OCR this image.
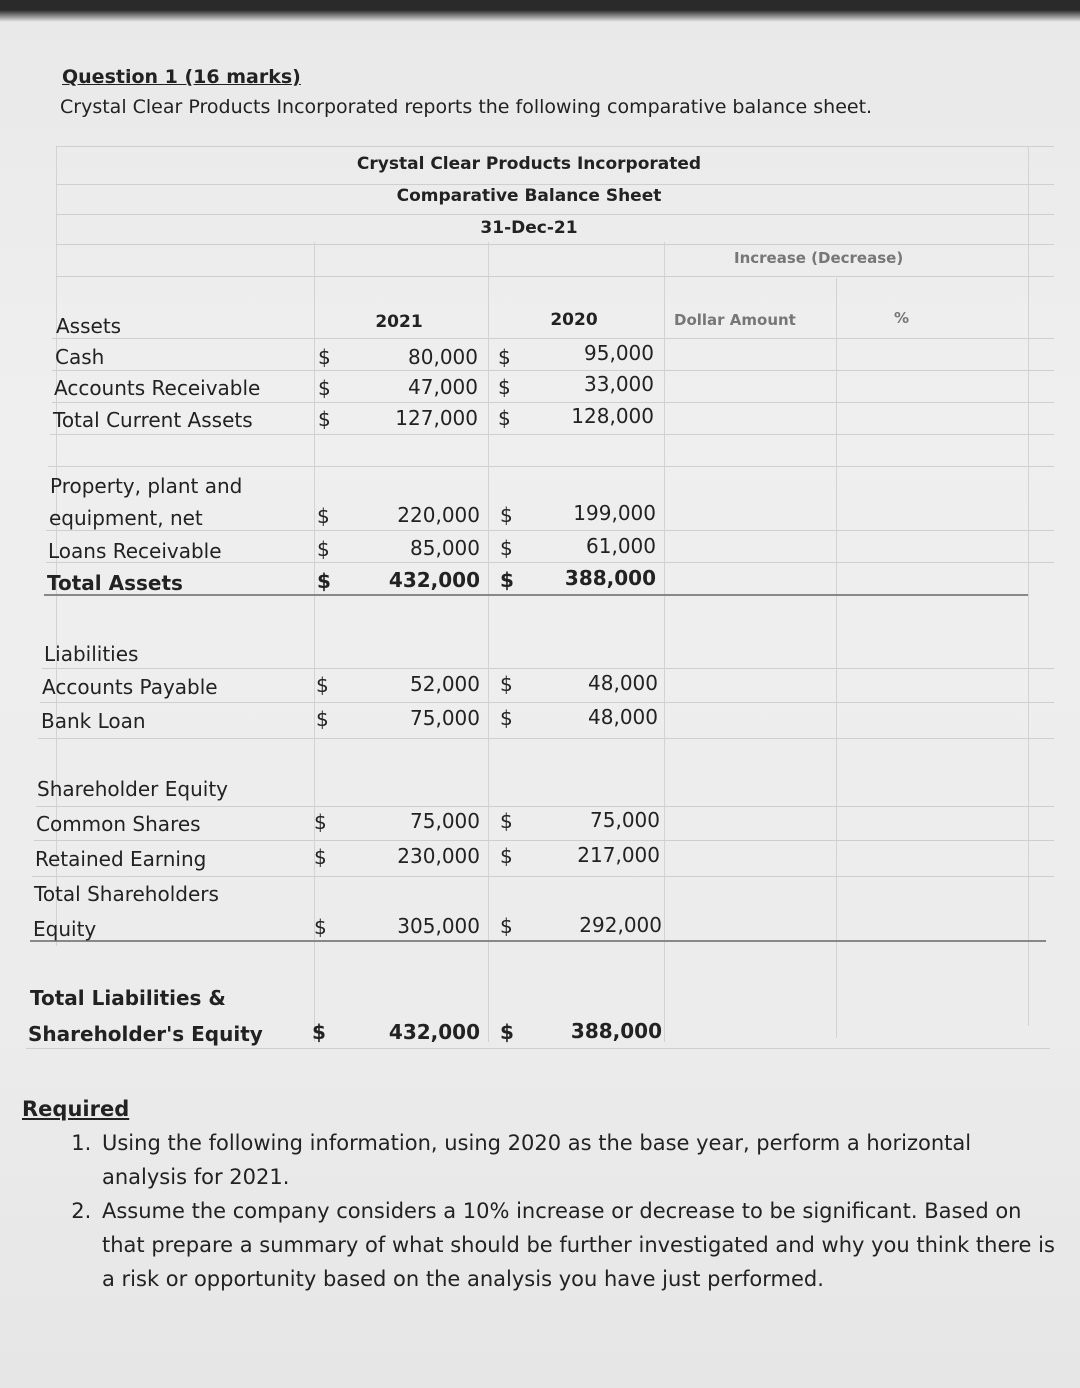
Question 1 (16 marks)
Crystal Clear Products Incorporated reports the following comparative balance sheet.
Crystal Clear Products Incorporated
Comparative Balance Sheet
31-Dec-21
Increase (Decrease)
2021	2020	Dollar Amount	%
Assets
Cash	$	80,000 $	95,000
Accounts Receivable	$	47,000 $	33,000
Total Current Assets	$	127,000 $	128,000
Property, plant and
equipment, net	$	220,000 $	199,000
Loans Receivable	$	85,000 $	61,000
Total Assets	$	432,000 $	388,000
Liabilities
Accounts Payable	$	52,000 $	48,000
Bank Loan	$	75,000 $	48,000
Shareholder Equity
Common Shares	$	75,000 $	75,000
Retained Earning	$	230,000 $	217,000
Total Shareholders
Equity	$	305,000 $	292,000
Total Liabilities &
Shareholder's Equity $	432,000 $	388,000
Required
1. Using the following information, using 2020 as the base year, perform a horizontal analysis for 2021.
2. Assume the company considers a 10% increase or decrease to be significant. Based on that prepare a summary of what should be further investigated and why you think there is a risk or opportunity based on the analysis you have just performed.
